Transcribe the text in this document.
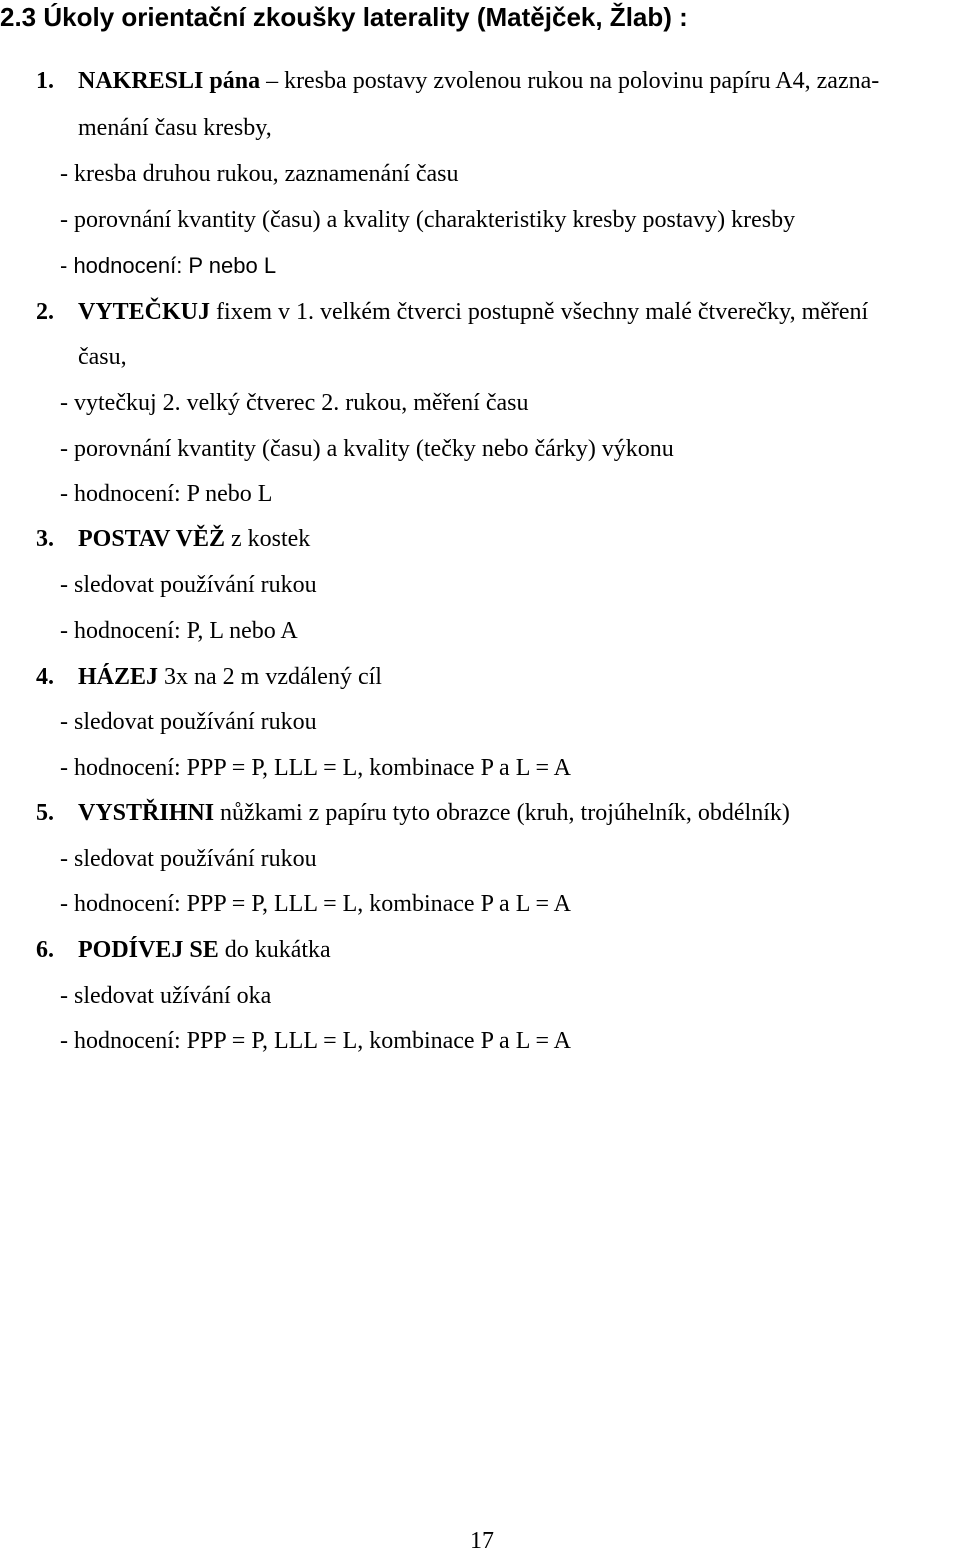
2.3 Úkoly orientační zkoušky laterality (Matějček, Žlab) :
1. NAKRESLI pána – kresba postavy zvolenou rukou na polovinu papíru A4, zazna-
menání času kresby,
- kresba druhou rukou, zaznamenání času
- porovnání kvantity (času) a kvality (charakteristiky kresby postavy) kresby
- hodnocení: P nebo L
2. VYTEČKUJ fixem v 1. velkém čtverci postupně všechny malé čtverečky, měření
času,
- vytečkuj 2. velký čtverec 2. rukou, měření času
- porovnání kvantity (času) a kvality (tečky nebo čárky) výkonu
- hodnocení: P nebo L
3. POSTAV VĚŽ z kostek
- sledovat používání rukou
- hodnocení: P, L nebo A
4. HÁZEJ 3x na 2 m vzdálený cíl
- sledovat používání rukou
- hodnocení: PPP = P, LLL = L, kombinace P a L = A
5. VYSTŘIHNI nůžkami z papíru tyto obrazce (kruh, trojúhelník, obdélník)
- sledovat používání rukou
- hodnocení: PPP = P, LLL = L, kombinace P a L = A
6. PODÍVEJ SE do kukátka
- sledovat užívání oka
- hodnocení: PPP = P, LLL = L, kombinace P a L = A
17
